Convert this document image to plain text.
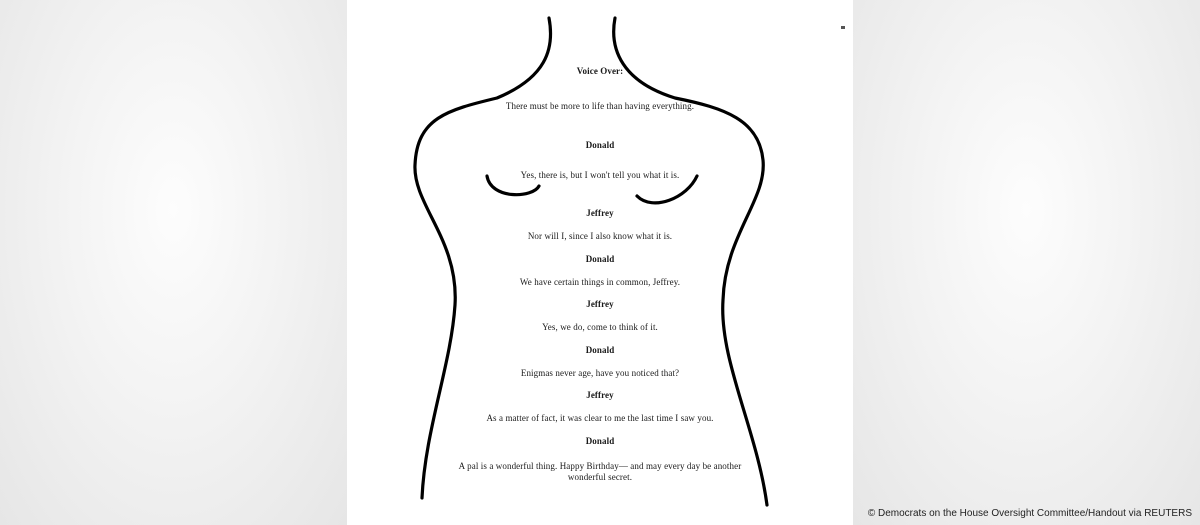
Voice Over:
There must be more to life than having everything.
Donald
Yes, there is, but I won't tell you what it is.
Jeffrey
Nor will I, since I also know what it is.
Donald
We have certain things in common, Jeffrey.
Jeffrey
Yes, we do, come to think of it.
Donald
Enigmas never age, have you noticed that?
Jeffrey
As a matter of fact, it was clear to me the last time I saw you.
Donald
A pal is a wonderful thing. Happy Birthday— and may every day be another
wonderful secret.
© Democrats on the House Oversight Committee/Handout via REUTERS
